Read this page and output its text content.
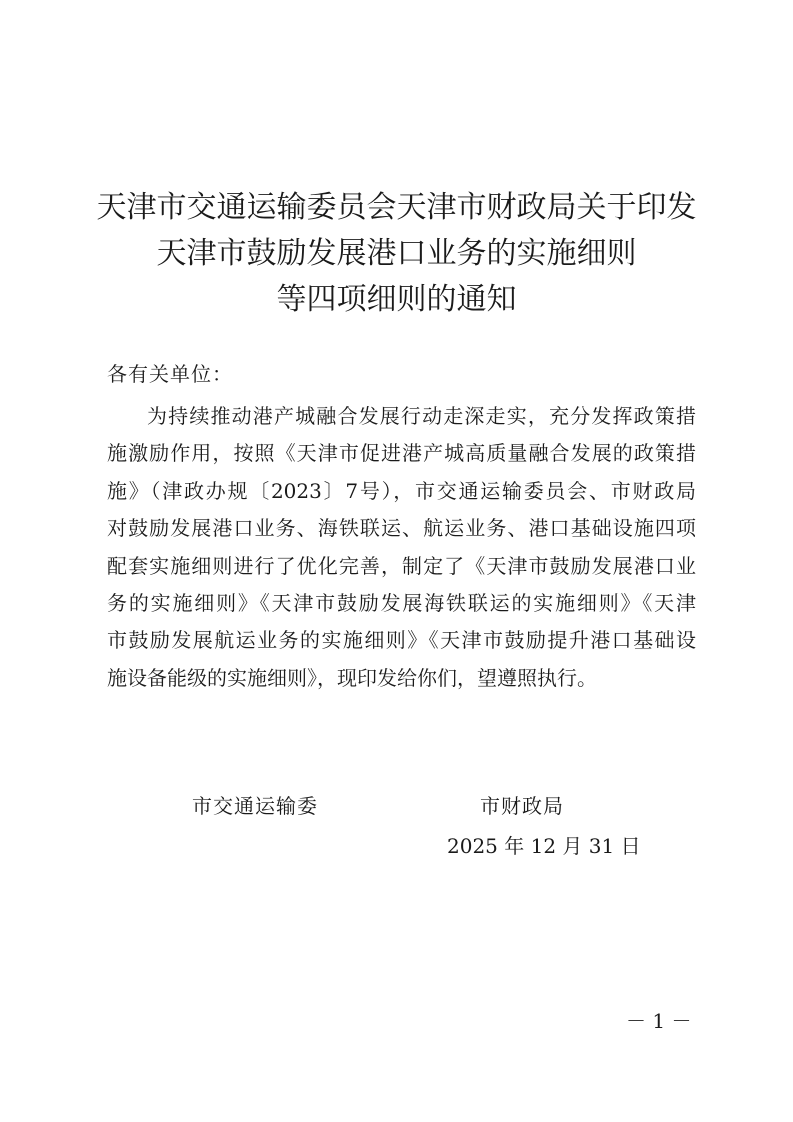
天津市交通运输委员会天津市财政局关于印发
天津市鼓励发展港口业务的实施细则
等四项细则的通知
各有关单位：
为持续推动港产城融合发展行动走深走实，充分发挥政策措
施激励作用，按照《天津市促进港产城高质量融合发展的政策措
施》（津政办规〔2023〕7号），市交通运输委员会、市财政局
对鼓励发展港口业务、海铁联运、航运业务、港口基础设施四项
配套实施细则进行了优化完善，制定了《天津市鼓励发展港口业
务的实施细则》《天津市鼓励发展海铁联运的实施细则》《天津
市鼓励发展航运业务的实施细则》《天津市鼓励提升港口基础设
施设备能级的实施细则》，现印发给你们，望遵照执行。
市交通运输委	市财政局
2025 年 12 月 31 日
－ 1 －
